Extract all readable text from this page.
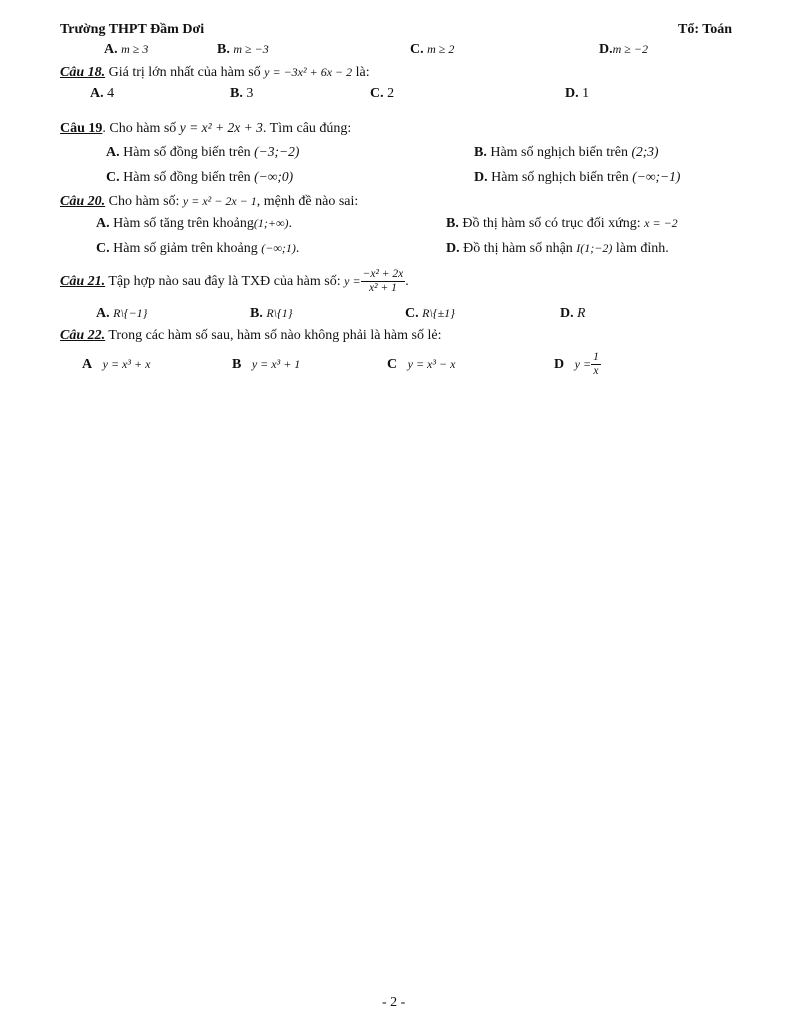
Trường THPT Đầm Dơi	Tổ: Toán
A. m ≥ 3	B. m ≥ −3	C. m ≥ 2	D.m ≥ −2
Câu 18. Giá trị lớn nhất của hàm số y = −3x² + 6x − 2 là:
A. 4	B. 3	C. 2	D. 1
Câu 19. Cho hàm số y = x² + 2x + 3. Tìm câu đúng:
A. Hàm số đồng biến trên (−3;−2)	B. Hàm số nghịch biến trên (2;3)
C. Hàm số đồng biến trên (−∞;0)	D. Hàm số nghịch biến trên (−∞;−1)
Câu 20. Cho hàm số: y = x² − 2x − 1, mệnh đề nào sai:
A. Hàm số tăng trên khoảng(1;+∞).	B. Đồ thị hàm số có trục đối xứng: x = −2
C. Hàm số giảm trên khoảng (−∞;1).	D. Đồ thị hàm số nhận I(1;−2) làm đỉnh.
Câu 21. Tập hợp nào sau đây là TXĐ của hàm số: $y = \frac{\text{−x² + 2x}}{\text{x² + 1}}$ .
A. R\{−1}	B. R\{1}	C. R\{±1}	D. R
Câu 22. Trong các hàm số sau, hàm số nào không phải là hàm số lẻ:
A y = x³ + x	B y = x³ + 1	C y = x³ − x	D $y = \frac{1}{x}$
- 2 -
